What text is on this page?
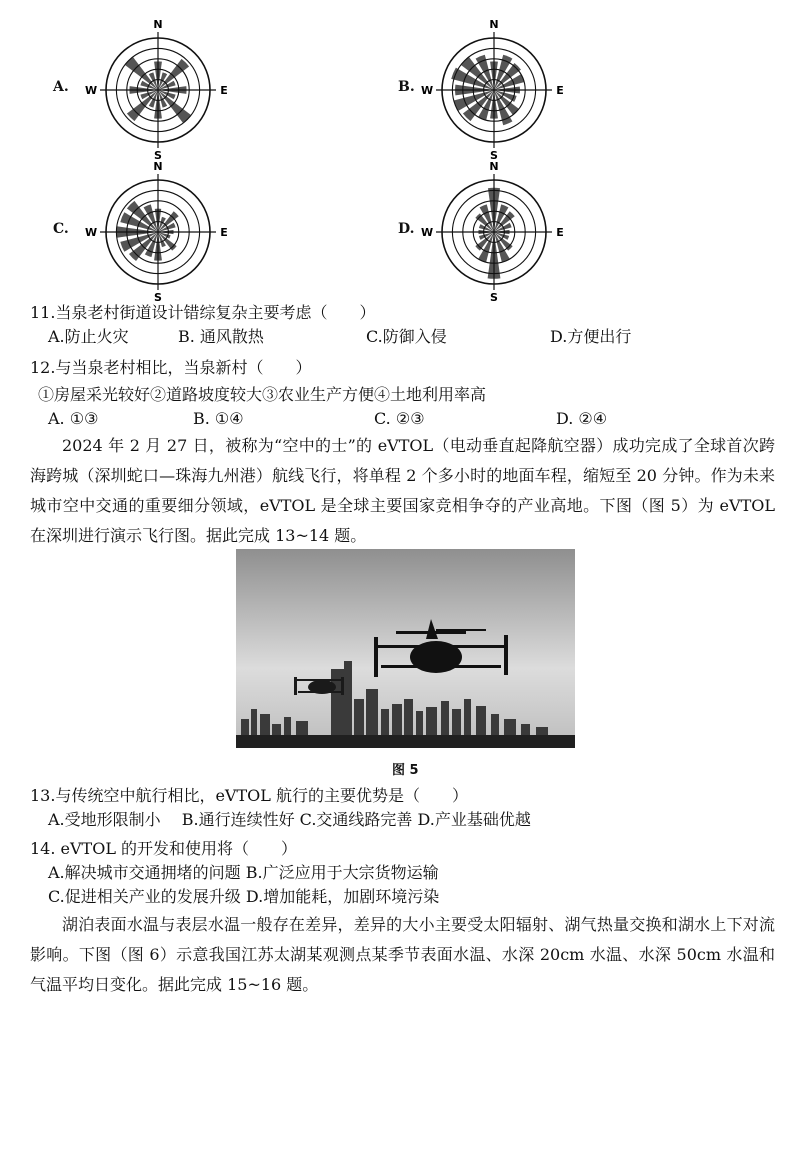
A.
N
S
E
W	B.
N
S
E
W
C.
N
S
E
W	D.
N
S
E
W
11.当泉老村街道设计错综复杂主要考虑（　　）
A.防止火灾	B. 通风散热	C.防御入侵	D.方便出行
12.与当泉老村相比，当泉新村（　　）
①房屋采光较好②道路坡度较大③农业生产方便④土地利用率高
A. ①③	B. ①④	C. ②③	D. ②④
2024 年 2 月 27 日，被称为“空中的士”的 eVTOL（电动垂直起降航空器）成功完成了全球首次跨海跨城（深圳蛇口—珠海九州港）航线飞行，将单程 2 个多小时的地面车程，缩短至 20 分钟。作为未来城市空中交通的重要细分领域，eVTOL 是全球主要国家竞相争夺的产业高地。下图（图 5）为 eVTOL 在深圳进行演示飞行图。据此完成 13~14 题。
图 5
13.与传统空中航行相比，eVTOL 航行的主要优势是（　　）
A.受地形限制小　 B.通行连续性好 C.交通线路完善 D.产业基础优越
14. eVTOL 的开发和使用将（　　）
A.解决城市交通拥堵的问题 B.广泛应用于大宗货物运输
C.促进相关产业的发展升级 D.增加能耗，加剧环境污染
湖泊表面水温与表层水温一般存在差异，差异的大小主要受太阳辐射、湖气热量交换和湖水上下对流影响。下图（图 6）示意我国江苏太湖某观测点某季节表面水温、水深 20cm 水温、水深 50cm 水温和气温平均日变化。据此完成 15~16 题。
